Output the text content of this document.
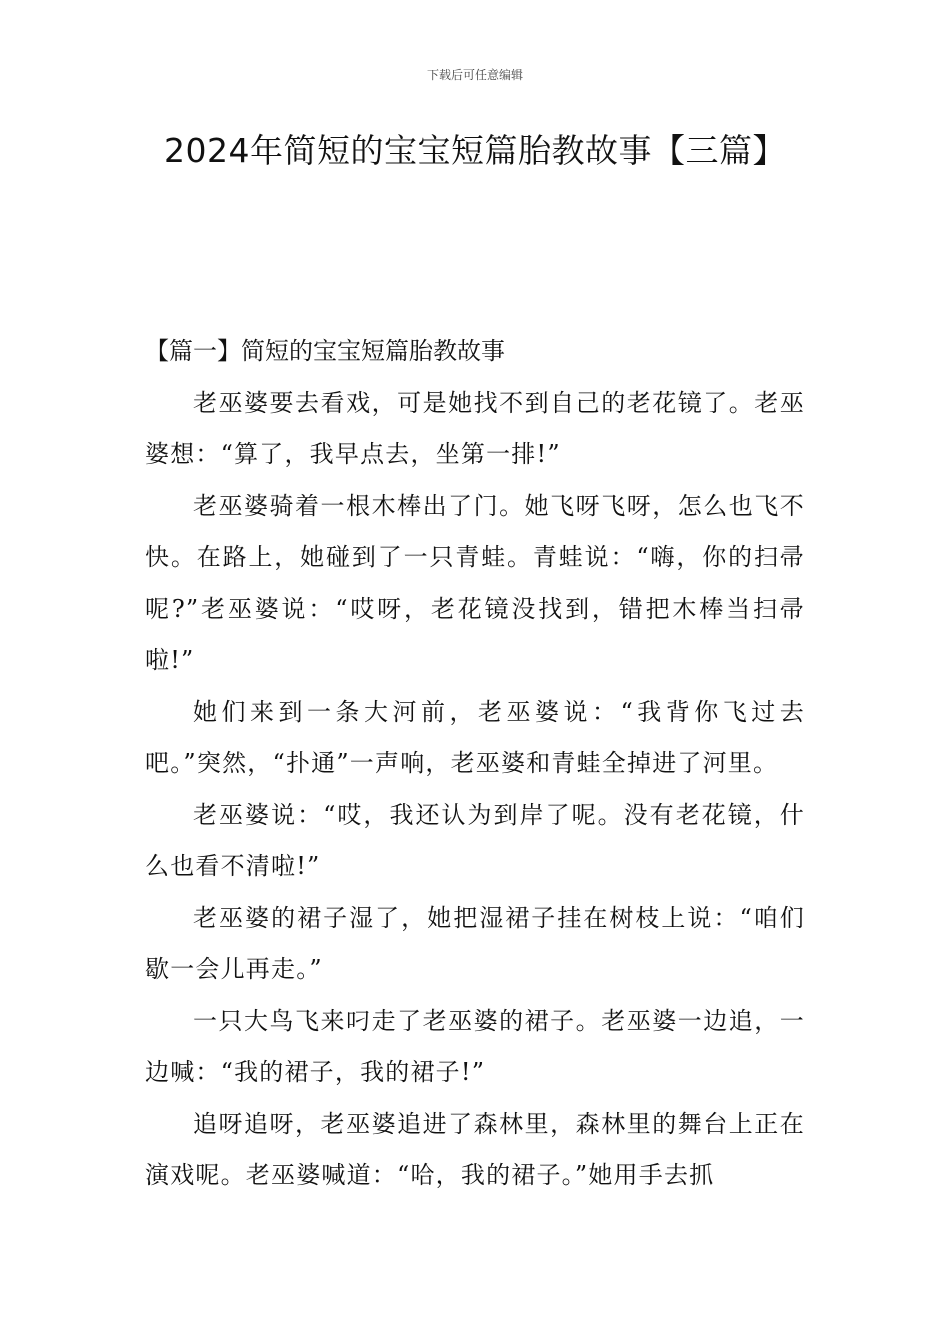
下载后可任意编辑
2024年简短的宝宝短篇胎教故事【三篇】

【篇一】简短的宝宝短篇胎教故事

老巫婆要去看戏，可是她找不到自己的老花镜了。老巫婆想：“算了，我早点去，坐第一排!”

老巫婆骑着一根木棒出了门。她飞呀飞呀，怎么也飞不快。在路上，她碰到了一只青蛙。青蛙说：“嗨，你的扫帚呢?”老巫婆说：“哎呀，老花镜没找到，错把木棒当扫帚啦!”

她们来到一条大河前，老巫婆说：“我背你飞过去吧。”突然，“扑通”一声响，老巫婆和青蛙全掉进了河里。

老巫婆说：“哎，我还认为到岸了呢。没有老花镜，什么也看不清啦!”

老巫婆的裙子湿了，她把湿裙子挂在树枝上说：“咱们歇一会儿再走。”

一只大鸟飞来叼走了老巫婆的裙子。老巫婆一边追，一边喊：“我的裙子，我的裙子!”

追呀追呀，老巫婆追进了森林里，森林里的舞台上正在演戏呢。老巫婆喊道：“哈，我的裙子。”她用手去抓
